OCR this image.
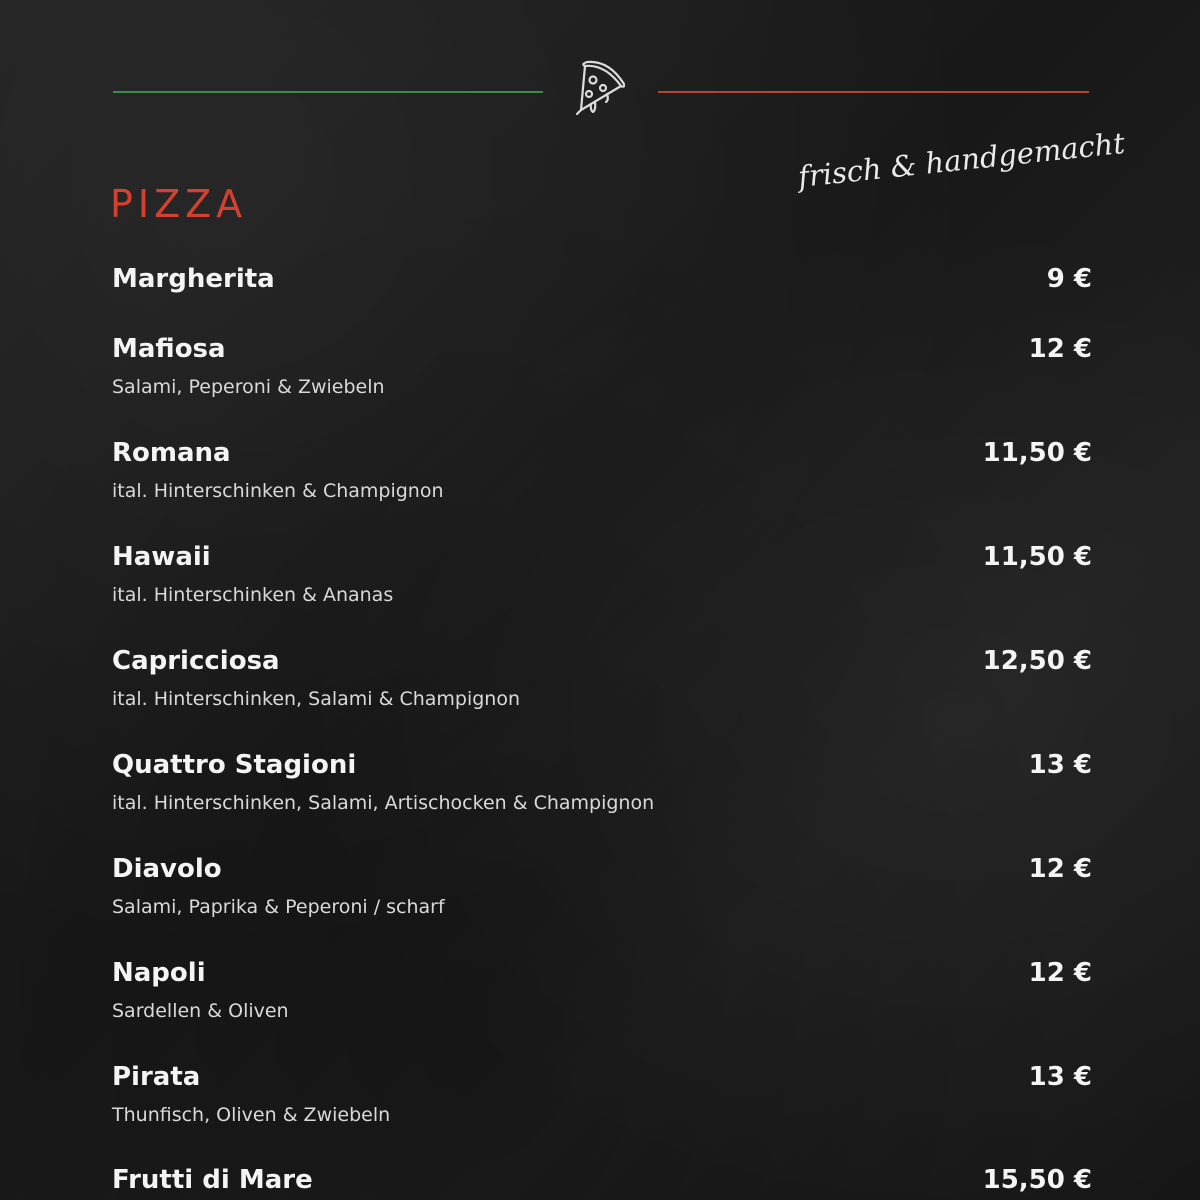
PIZZA
frisch & handgemacht
Margherita	9 €
Mafiosa	12 €
Salami, Peperoni & Zwiebeln
Romana	11,50 €
ital. Hinterschinken & Champignon
Hawaii	11,50 €
ital. Hinterschinken & Ananas
Capricciosa	12,50 €
ital. Hinterschinken, Salami & Champignon
Quattro Stagioni	13 €
ital. Hinterschinken, Salami, Artischocken & Champignon
Diavolo	12 €
Salami, Paprika & Peperoni / scharf
Napoli	12 €
Sardellen & Oliven
Pirata	13 €
Thunfisch, Oliven & Zwiebeln
Frutti di Mare	15,50 €
